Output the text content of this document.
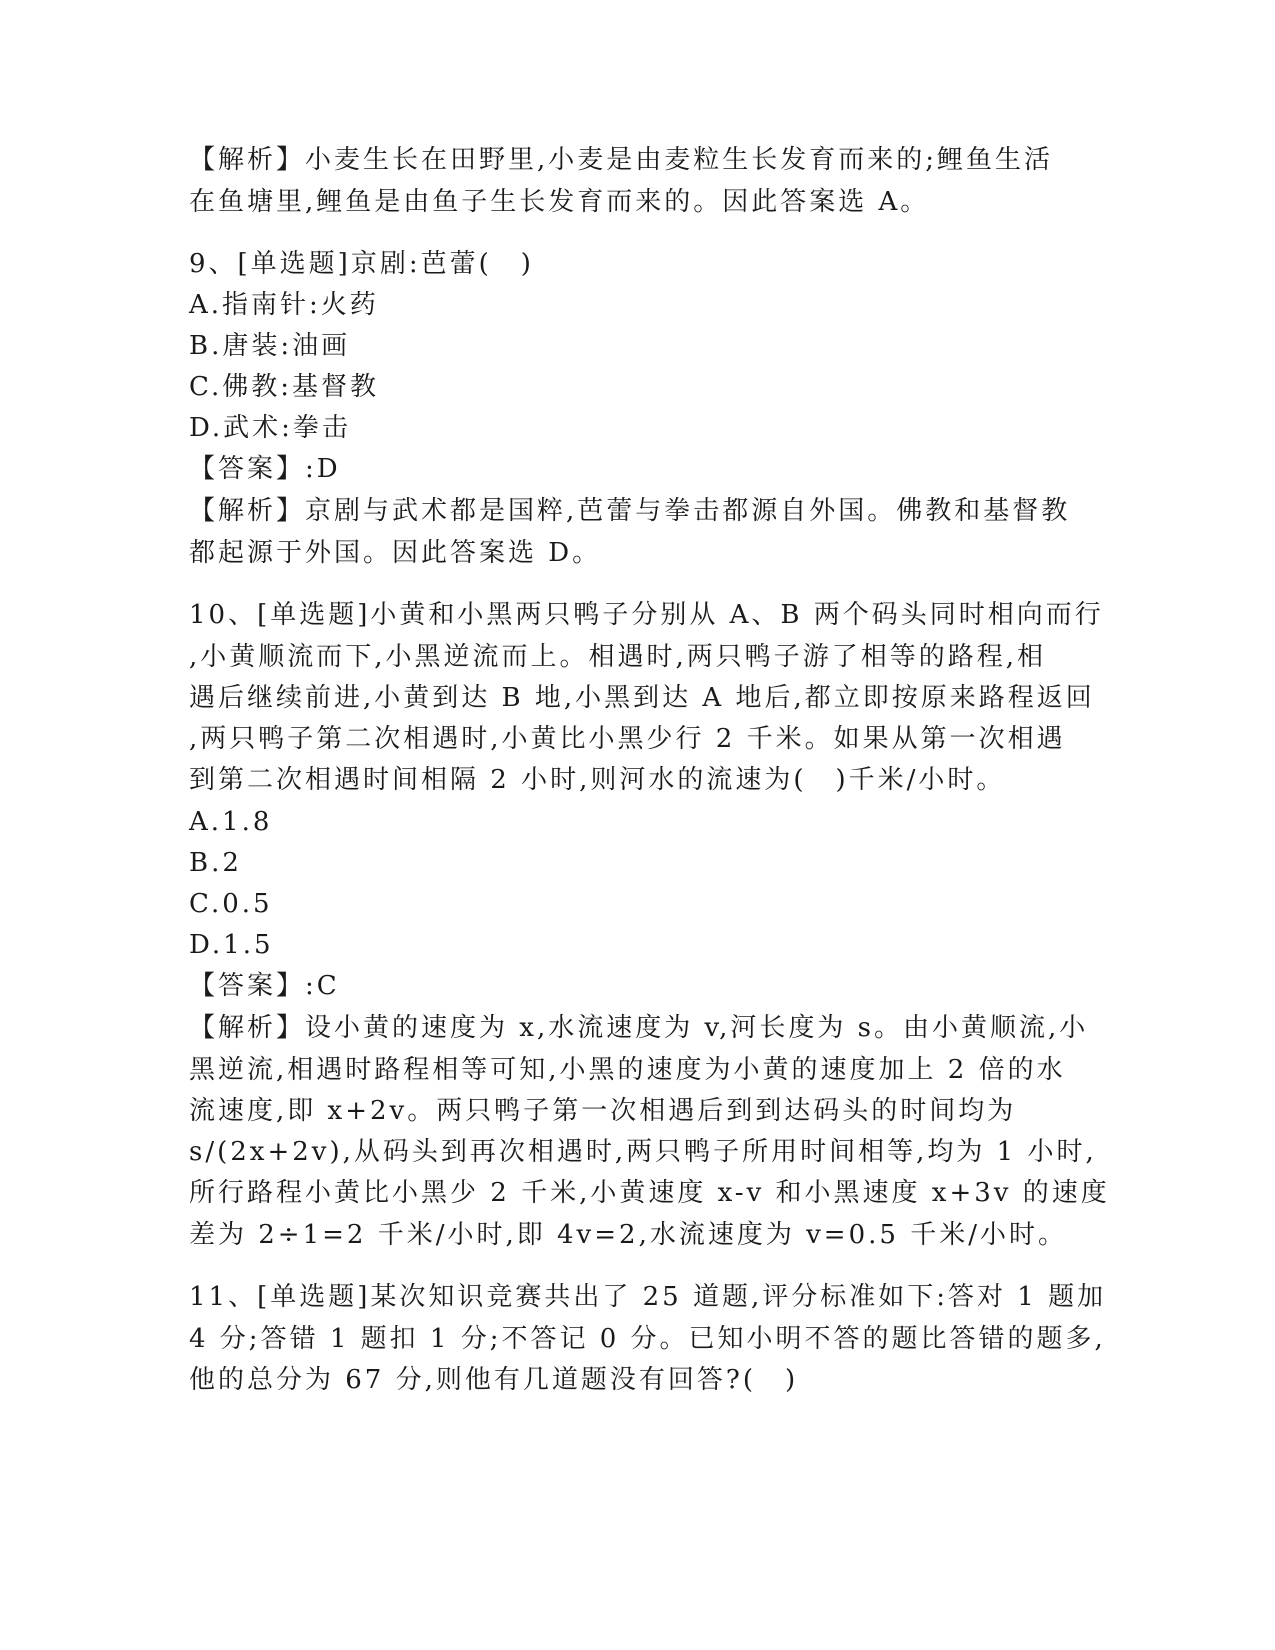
【解析】小麦生长在田野里,小麦是由麦粒生长发育而来的;鲤鱼生活
在鱼塘里,鲤鱼是由鱼子生长发育而来的。因此答案选 A。
9、[单选题]京剧:芭蕾(　)
A.指南针:火药
B.唐装:油画
C.佛教:基督教
D.武术:拳击
【答案】:D
【解析】京剧与武术都是国粹,芭蕾与拳击都源自外国。佛教和基督教
都起源于外国。因此答案选 D。
10、[单选题]小黄和小黑两只鸭子分别从 A、B 两个码头同时相向而行
,小黄顺流而下,小黑逆流而上。相遇时,两只鸭子游了相等的路程,相
遇后继续前进,小黄到达 B 地,小黑到达 A 地后,都立即按原来路程返回
,两只鸭子第二次相遇时,小黄比小黑少行 2 千米。如果从第一次相遇
到第二次相遇时间相隔 2 小时,则河水的流速为(　)千米/小时。
A.1.8
B.2
C.0.5
D.1.5
【答案】:C
【解析】设小黄的速度为 x,水流速度为 v,河长度为 s。由小黄顺流,小
黑逆流,相遇时路程相等可知,小黑的速度为小黄的速度加上 2 倍的水
流速度,即 x+2v。两只鸭子第一次相遇后到到达码头的时间均为
s/(2x+2v),从码头到再次相遇时,两只鸭子所用时间相等,均为 1 小时,
所行路程小黄比小黑少 2 千米,小黄速度 x-v 和小黑速度 x+3v 的速度
差为 2÷1=2 千米/小时,即 4v=2,水流速度为 v=0.5 千米/小时。
11、[单选题]某次知识竞赛共出了 25 道题,评分标准如下:答对 1 题加
4 分;答错 1 题扣 1 分;不答记 0 分。已知小明不答的题比答错的题多,
他的总分为 67 分,则他有几道题没有回答?(　)
